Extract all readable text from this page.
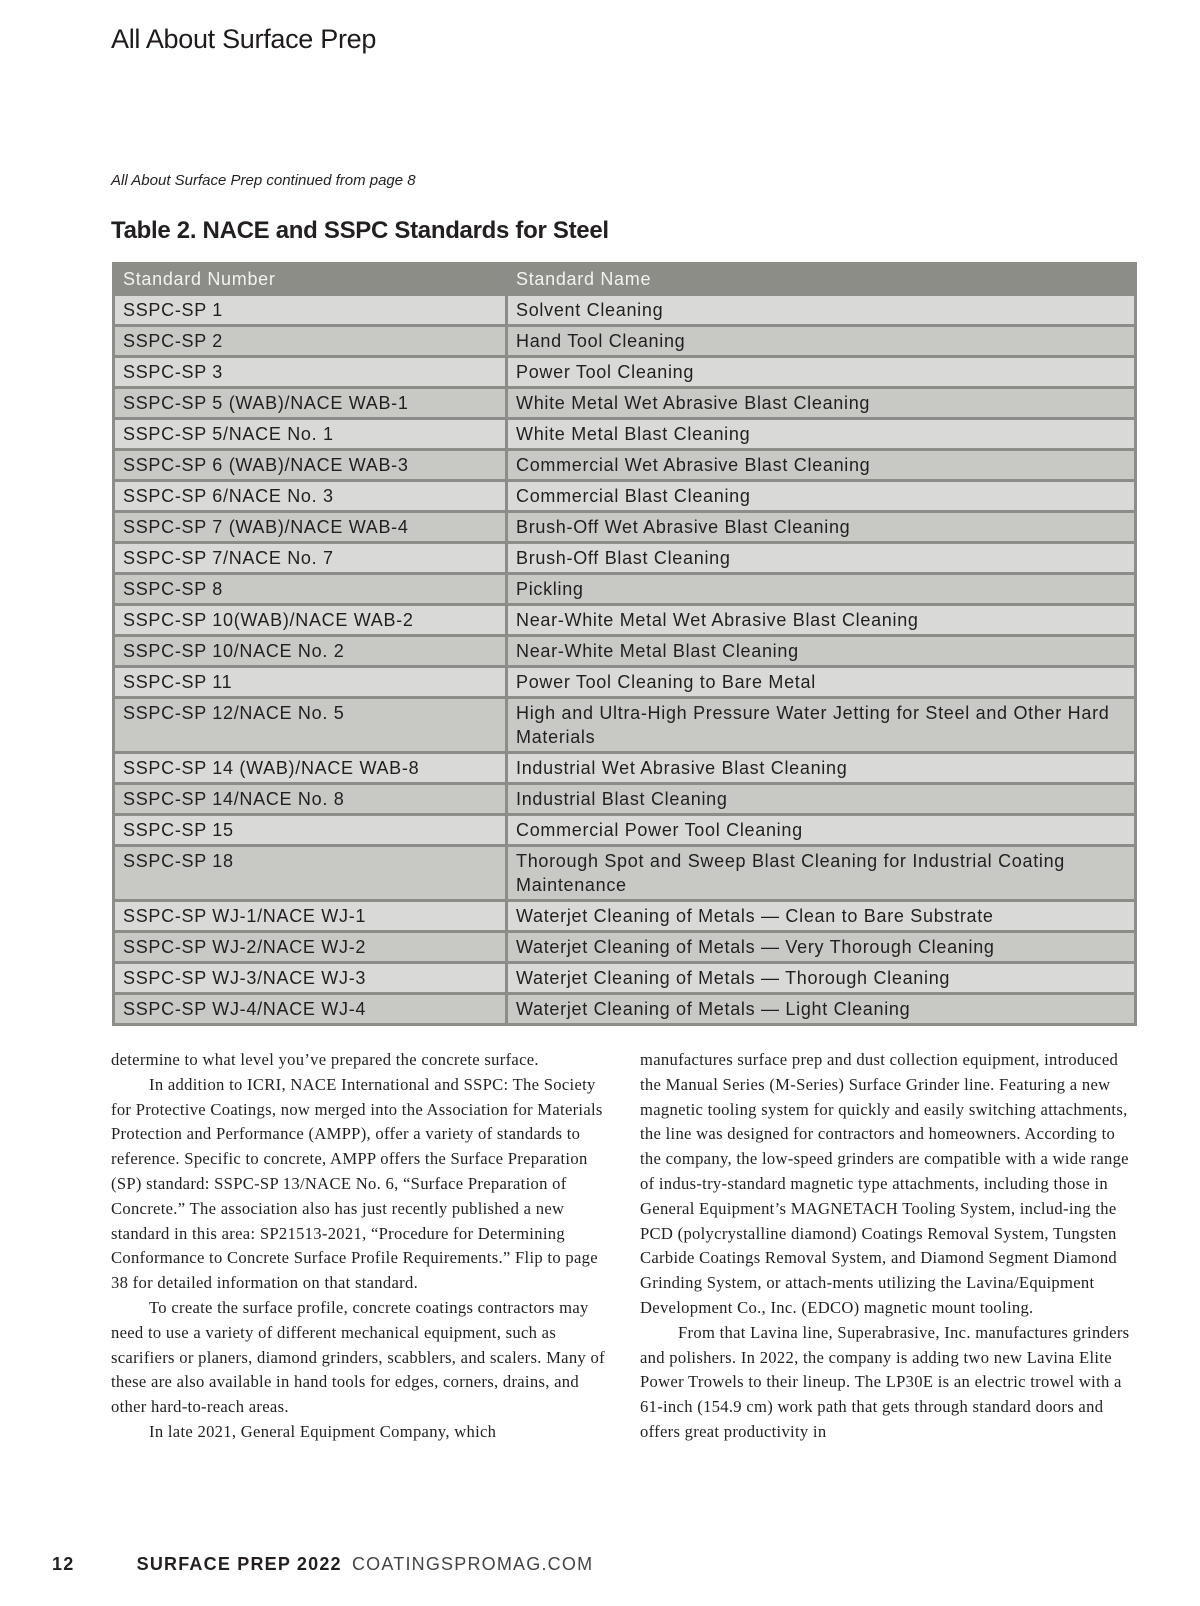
All About Surface Prep
All About Surface Prep continued from page 8
Table 2. NACE and SSPC Standards for Steel
Standard Number	Standard Name
SSPC-SP 1	Solvent Cleaning
SSPC-SP 2	Hand Tool Cleaning
SSPC-SP 3	Power Tool Cleaning
SSPC-SP 5 (WAB)/NACE WAB-1	White Metal Wet Abrasive Blast Cleaning
SSPC-SP 5/NACE No. 1	White Metal Blast Cleaning
SSPC-SP 6 (WAB)/NACE WAB-3	Commercial Wet Abrasive Blast Cleaning
SSPC-SP 6/NACE No. 3	Commercial Blast Cleaning
SSPC-SP 7 (WAB)/NACE WAB-4	Brush-Off Wet Abrasive Blast Cleaning
SSPC-SP 7/NACE No. 7	Brush-Off Blast Cleaning
SSPC-SP 8	Pickling
SSPC-SP 10(WAB)/NACE WAB-2	Near-White Metal Wet Abrasive Blast Cleaning
SSPC-SP 10/NACE No. 2	Near-White Metal Blast Cleaning
SSPC-SP 11	Power Tool Cleaning to Bare Metal
SSPC-SP 12/NACE No. 5	High and Ultra-High Pressure Water Jetting for Steel and Other Hard Materials
SSPC-SP 14 (WAB)/NACE WAB-8	Industrial Wet Abrasive Blast Cleaning
SSPC-SP 14/NACE No. 8	Industrial Blast Cleaning
SSPC-SP 15	Commercial Power Tool Cleaning
SSPC-SP 18	Thorough Spot and Sweep Blast Cleaning for Industrial Coating Maintenance
SSPC-SP WJ-1/NACE WJ-1	Waterjet Cleaning of Metals — Clean to Bare Substrate
SSPC-SP WJ-2/NACE WJ-2	Waterjet Cleaning of Metals — Very Thorough Cleaning
SSPC-SP WJ-3/NACE WJ-3	Waterjet Cleaning of Metals — Thorough Cleaning
SSPC-SP WJ-4/NACE WJ-4	Waterjet Cleaning of Metals — Light Cleaning

determine to what level you’ve prepared the concrete surface.

In addition to ICRI, NACE International and SSPC: The Society for Protective Coatings, now merged into the Association for Materials Protection and Performance (AMPP), offer a variety of standards to reference. Specific to concrete, AMPP offers the Surface Preparation (SP) standard: SSPC-SP 13/NACE No. 6, “Surface Preparation of Concrete.” The association also has just recently published a new standard in this area: SP21513-2021, “Procedure for Determining Conformance to Concrete Surface Profile Requirements.” Flip to page 38 for detailed information on that standard.

To create the surface profile, concrete coatings contractors may need to use a variety of different mechanical equipment, such as scarifiers or planers, diamond grinders, scabblers, and scalers. Many of these are also available in hand tools for edges, corners, drains, and other hard-to-reach areas.

In late 2021, General Equipment Company, which

manufactures surface prep and dust collection equipment, introduced the Manual Series (M-Series) Surface Grinder line. Featuring a new magnetic tooling system for quickly and easily switching attachments, the line was designed for contractors and homeowners. According to the company, the low-speed grinders are compatible with a wide range of indus-try-standard magnetic type attachments, including those in General Equipment’s MAGNETACH Tooling System, includ-ing the PCD (polycrystalline diamond) Coatings Removal System, Tungsten Carbide Coatings Removal System, and Diamond Segment Diamond Grinding System, or attach-ments utilizing the Lavina/Equipment Development Co., Inc. (EDCO) magnetic mount tooling.

From that Lavina line, Superabrasive, Inc. manufactures grinders and polishers. In 2022, the company is adding two new Lavina Elite Power Trowels to their lineup. The LP30E is an electric trowel with a 61-inch (154.9 cm) work path that gets through standard doors and offers great productivity in

12	SURFACE PREP 2022 COATINGSPROMAG.COM
